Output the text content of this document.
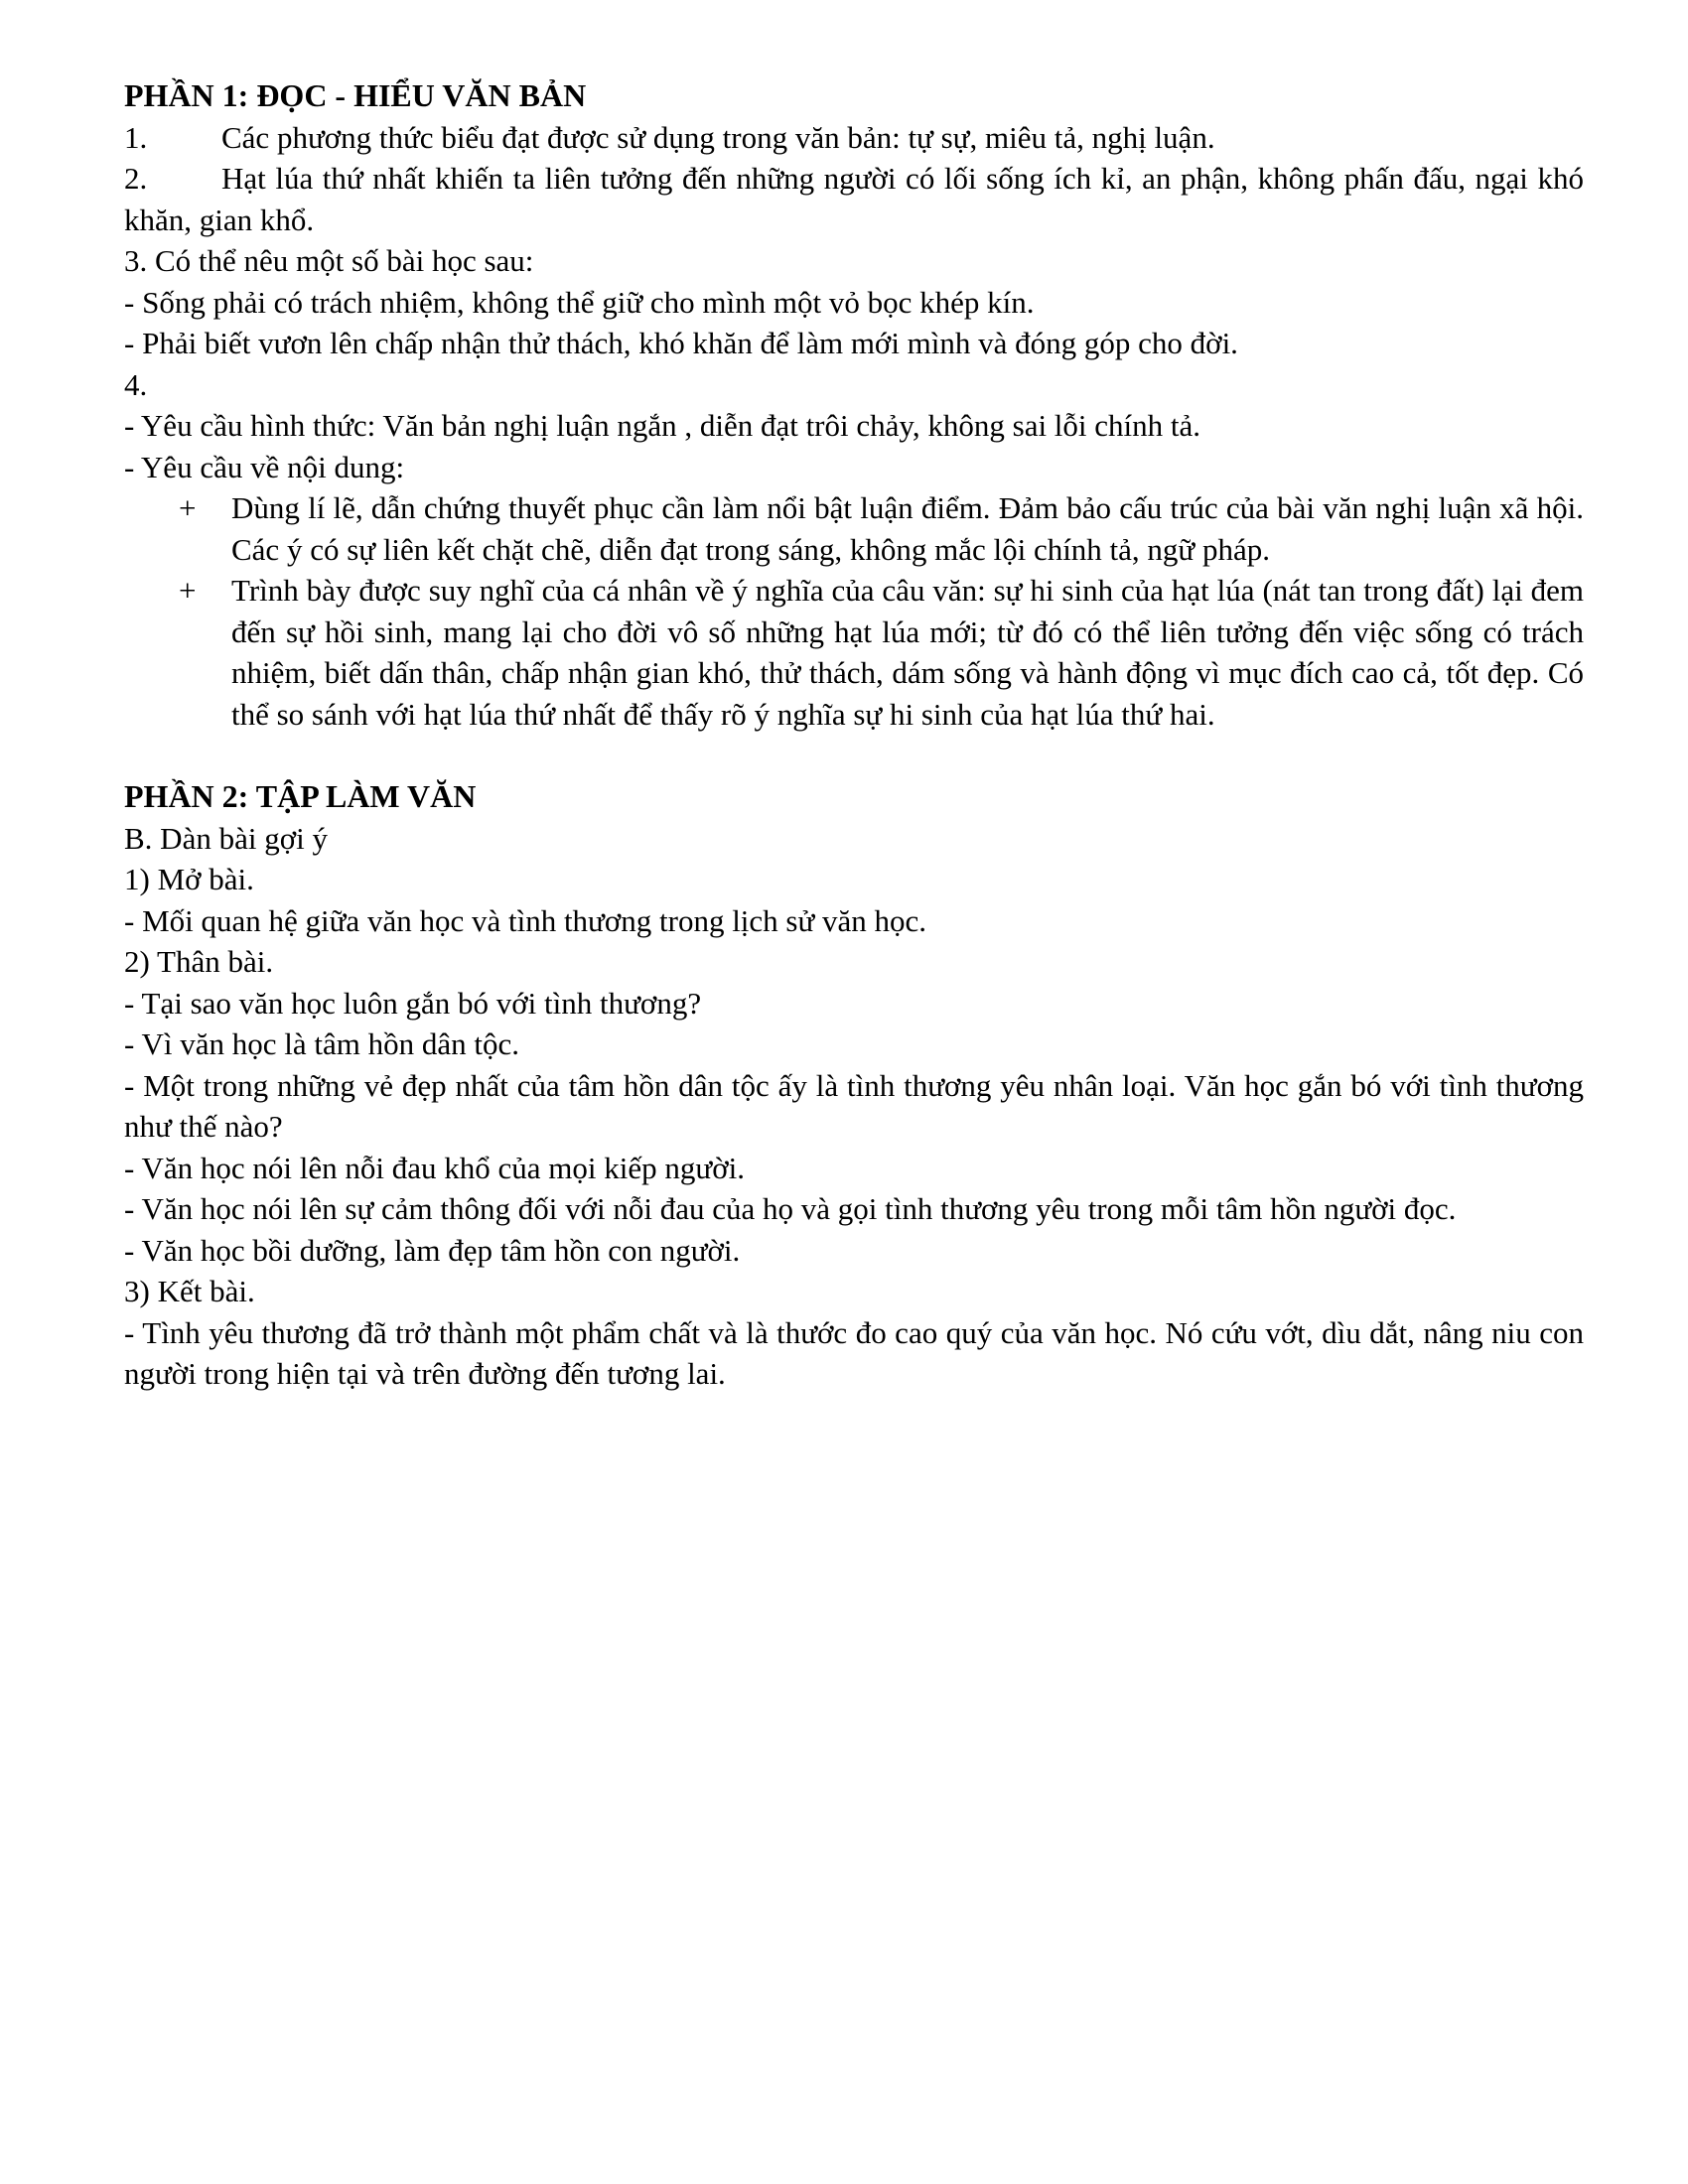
PHẦN 1: ĐỌC - HIỂU VĂN BẢN
1.	Các phương thức biểu đạt được sử dụng trong văn bản: tự sự, miêu tả, nghị luận.
2. Hạt lúa thứ nhất khiến ta liên tưởng đến những người có lối sống ích kỉ, an phận, không phấn đấu, ngại khó khăn, gian khổ.
3. Có thể nêu một số bài học sau:
- Sống phải có trách nhiệm, không thể giữ cho mình một vỏ bọc khép kín.
- Phải biết vươn lên chấp nhận thử thách, khó khăn để làm mới mình và đóng góp cho đời.
4.
- Yêu cầu hình thức: Văn bản nghị luận ngắn , diễn đạt trôi chảy, không sai lỗi chính tả.
- Yêu cầu về nội dung:
+	Dùng lí lẽ, dẫn chứng thuyết phục cần làm nổi bật luận điểm. Đảm bảo cấu trúc của bài văn nghị luận xã hội. Các ý có sự liên kết chặt chẽ, diễn đạt trong sáng, không mắc lội chính tả, ngữ pháp.
+	Trình bày được suy nghĩ của cá nhân về ý nghĩa của câu văn: sự hi sinh của hạt lúa (nát tan trong đất) lại đem đến sự hồi sinh, mang lại cho đời vô số những hạt lúa mới; từ đó có thể liên tưởng đến việc sống có trách nhiệm, biết dấn thân, chấp nhận gian khó, thử thách, dám sống và hành động vì mục đích cao cả, tốt đẹp. Có thể so sánh với hạt lúa thứ nhất để thấy rõ ý nghĩa sự hi sinh của hạt lúa thứ hai.
PHẦN 2: TẬP LÀM VĂN
B. Dàn bài gợi ý
1) Mở bài.
- Mối quan hệ giữa văn học và tình thương trong lịch sử văn học.
2) Thân bài.
- Tại sao văn học luôn gắn bó với tình thương?
- Vì văn học là tâm hồn dân tộc.
- Một trong những vẻ đẹp nhất của tâm hồn dân tộc ấy là tình thương yêu nhân loại. Văn học gắn bó với tình thương như thế nào?
- Văn học nói lên nỗi đau khổ của mọi kiếp người.
- Văn học nói lên sự cảm thông đối với nỗi đau của họ và gọi tình thương yêu trong mỗi tâm hồn người đọc.
- Văn học bồi dưỡng, làm đẹp tâm hồn con người.
3) Kết bài.
- Tình yêu thương đã trở thành một phẩm chất và là thước đo cao quý của văn học. Nó cứu vớt, dìu dắt, nâng niu con người trong hiện tại và trên đường đến tương lai.
